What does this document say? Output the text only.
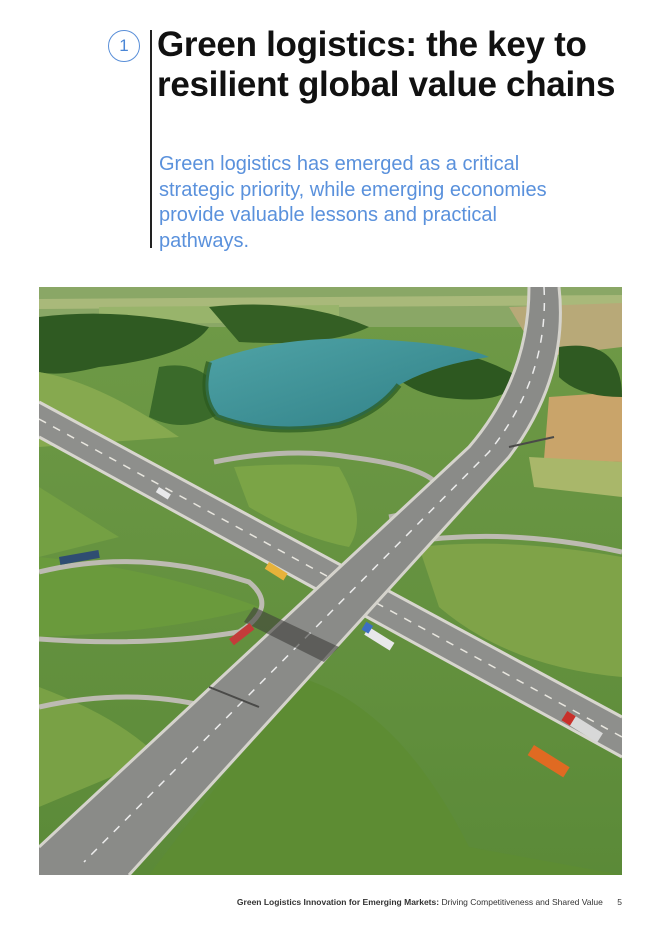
1 Green logistics: the key to resilient global value chains

Green logistics has emerged as a critical strategic priority, while emerging economies provide valuable lessons and practical pathways.

Green Logistics Innovation for Emerging Markets: Driving Competitiveness and Shared Value 5
